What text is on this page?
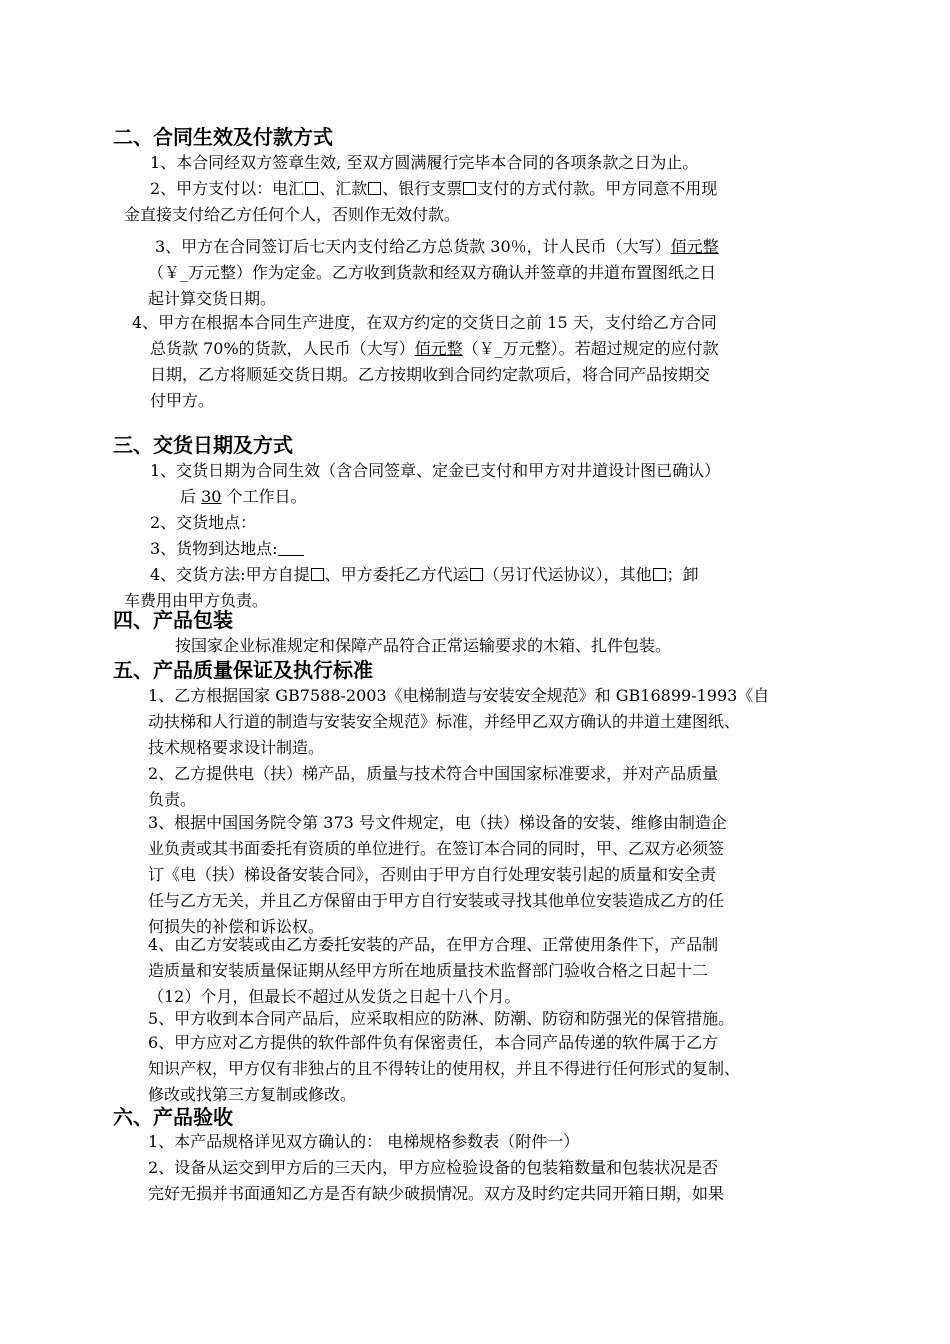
二、合同生效及付款方式
1、本合同经双方签章生效, 至双方圆满履行完毕本合同的各项条款之日为止。
2、甲方支付以：电汇 、汇款 、银行支票 支付的方式付款。甲方同意不用现
金直接支付给乙方任何个人，否则作无效付款。
3、甲方在合同签订后七天内支付给乙方总货款 30％，计人民币（大写）佰元整
（￥_万元整）作为定金。乙方收到货款和经双方确认并签章的井道布置图纸之日
起计算交货日期。
4、甲方在根据本合同生产进度，在双方约定的交货日之前 15 天，支付给乙方合同
总货款 70%的货款，人民币（大写）佰元整（￥_万元整）。若超过规定的应付款
日期，乙方将顺延交货日期。乙方按期收到合同约定款项后，将合同产品按期交
付甲方。
三、交货日期及方式
1、交货日期为合同生效（含合同签章、定金已支付和甲方对井道设计图已确认）
后 30 个工作日。
2、交货地点：
3、货物到达地点:
4、交货方法:甲方自提 、甲方委托乙方代运 （另订代运协议），其他 ；卸
车费用由甲方负责。
四、产品包装
按国家企业标准规定和保障产品符合正常运输要求的木箱、扎件包装。
五、产品质量保证及执行标准
1、乙方根据国家 GB7588-2003《电梯制造与安装安全规范》和 GB16899-1993《自
动扶梯和人行道的制造与安装安全规范》标准，并经甲乙双方确认的井道土建图纸、
技术规格要求设计制造。
2、乙方提供电（扶）梯产品，质量与技术符合中国国家标准要求，并对产品质量
负责。
3、根据中国国务院令第 373 号文件规定，电（扶）梯设备的安装、维修由制造企
业负责或其书面委托有资质的单位进行。在签订本合同的同时，甲、乙双方必须签
订《电（扶）梯设备安装合同》，否则由于甲方自行处理安装引起的质量和安全责
任与乙方无关，并且乙方保留由于甲方自行安装或寻找其他单位安装造成乙方的任
何损失的补偿和诉讼权。
4、由乙方安装或由乙方委托安装的产品，在甲方合理、正常使用条件下，产品制
造质量和安装质量保证期从经甲方所在地质量技术监督部门验收合格之日起十二
（12）个月，但最长不超过从发货之日起十八个月。
5、甲方收到本合同产品后，应采取相应的防淋、防潮、防窃和防强光的保管措施。
6、甲方应对乙方提供的软件部件负有保密责任，本合同产品传递的软件属于乙方
知识产权，甲方仅有非独占的且不得转让的使用权，并且不得进行任何形式的复制、
修改或找第三方复制或修改。
六、产品验收
1、本产品规格详见双方确认的： 电梯规格参数表（附件一）
2、设备从运交到甲方后的三天内，甲方应检验设备的包装箱数量和包装状况是否
完好无损并书面通知乙方是否有缺少破损情况。双方及时约定共同开箱日期，如果
